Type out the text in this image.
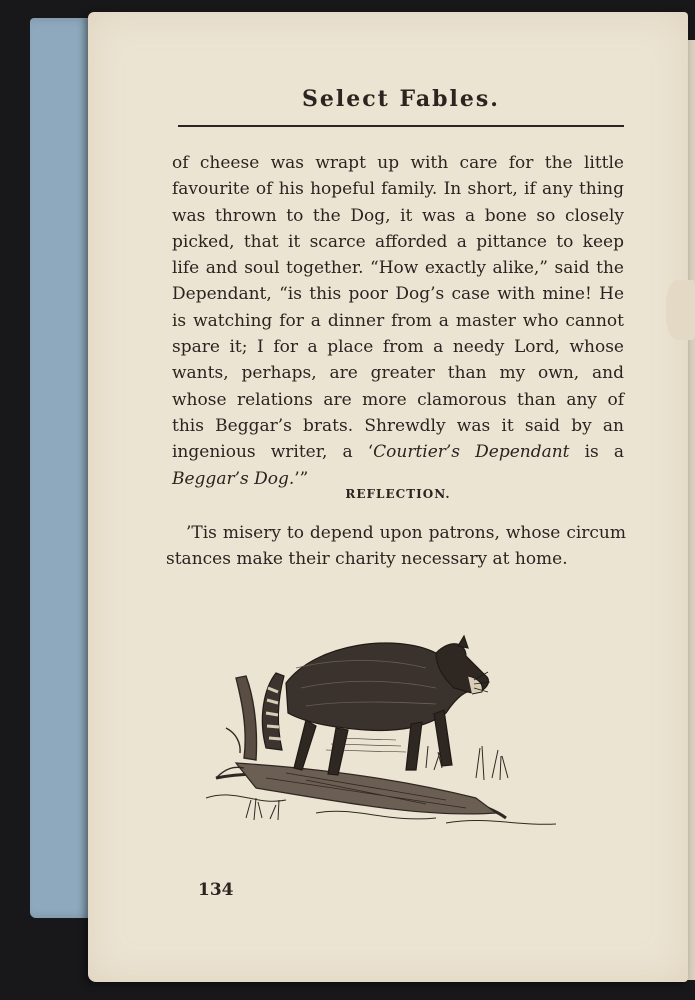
Select Fables.

of cheese was wrapt up with care for the little favourite of his hopeful family. In short, if any thing was thrown to the Dog, it was a bone so closely picked, that it scarce afforded a pittance to keep life and soul together. “How exactly alike,” said the Dependant, “is this poor Dog’s case with mine! He is watching for a dinner from a master who cannot spare it; I for a place from a needy Lord, whose wants, perhaps, are greater than my own, and whose relations are more clamorous than any of this Beggar’s brats. Shrewdly was it said by an ingenious writer, a ‘Courtier’s Dependant is a Beggar’s Dog.’”

REFLECTION.

’Tis misery to depend upon patrons, whose circum stances make their charity necessary at home.

134
